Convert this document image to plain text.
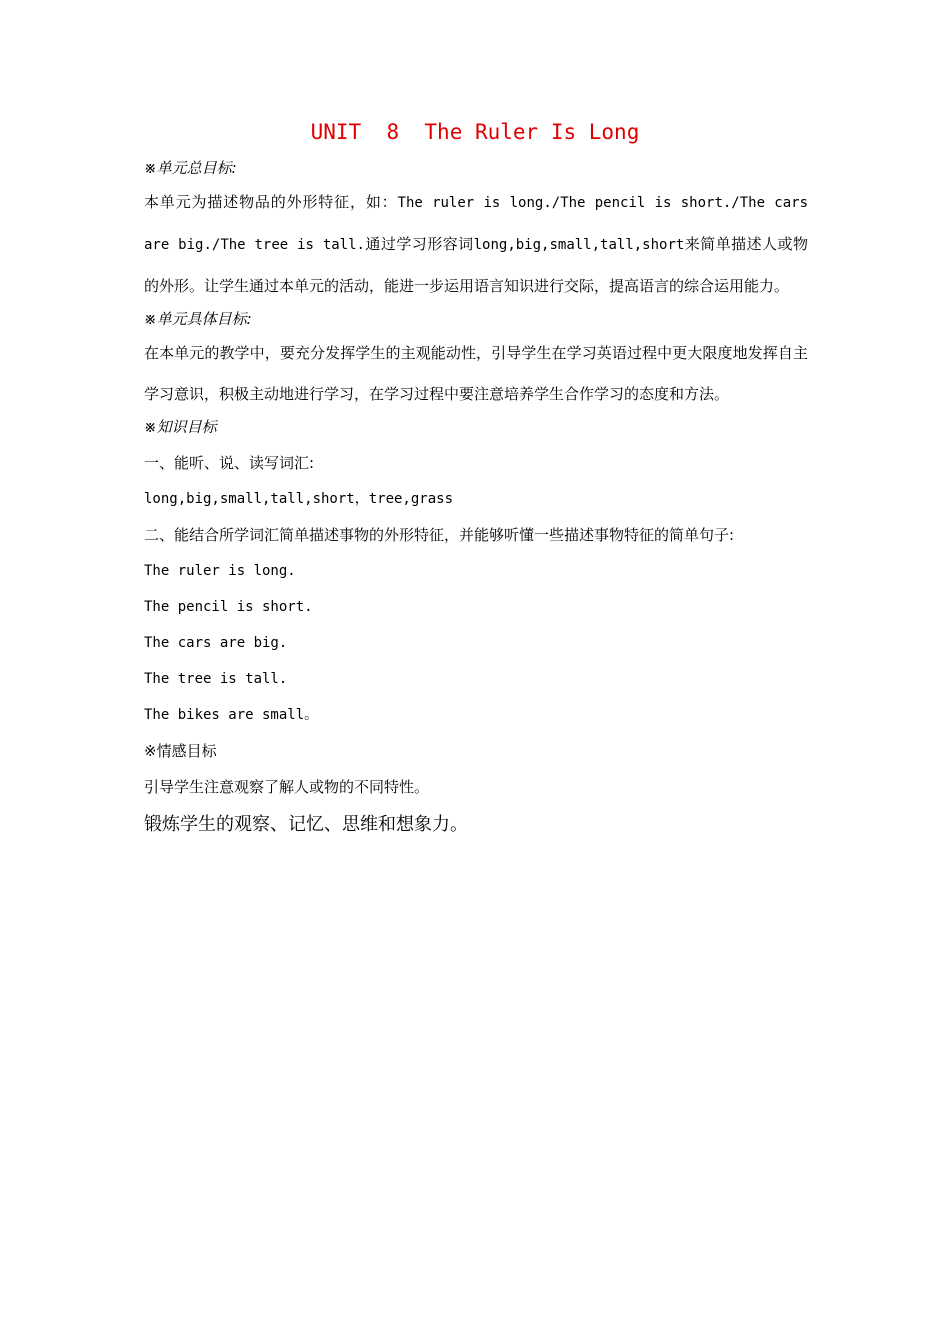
UNIT  8  The Ruler Is Long
※单元总目标:
本单元为描述物品的外形特征，如：The ruler is long./The pencil is short./The cars are big./The tree is tall.通过学习形容词long,big,small,tall,short来简单描述人或物的外形。让学生通过本单元的活动，能进一步运用语言知识进行交际，提高语言的综合运用能力。
※单元具体目标:
在本单元的教学中，要充分发挥学生的主观能动性，引导学生在学习英语过程中更大限度地发挥自主学习意识，积极主动地进行学习，在学习过程中要注意培养学生合作学习的态度和方法。
※知识目标
一、能听、说、读写词汇:
long,big,small,tall,short，tree,grass
二、能结合所学词汇简单描述事物的外形特征，并能够听懂一些描述事物特征的简单句子:
The ruler is long.
The pencil is short.
The cars are big.
The tree is tall.
The bikes are small。
※情感目标
引导学生注意观察了解人或物的不同特性。
锻炼学生的观察、记忆、思维和想象力。
